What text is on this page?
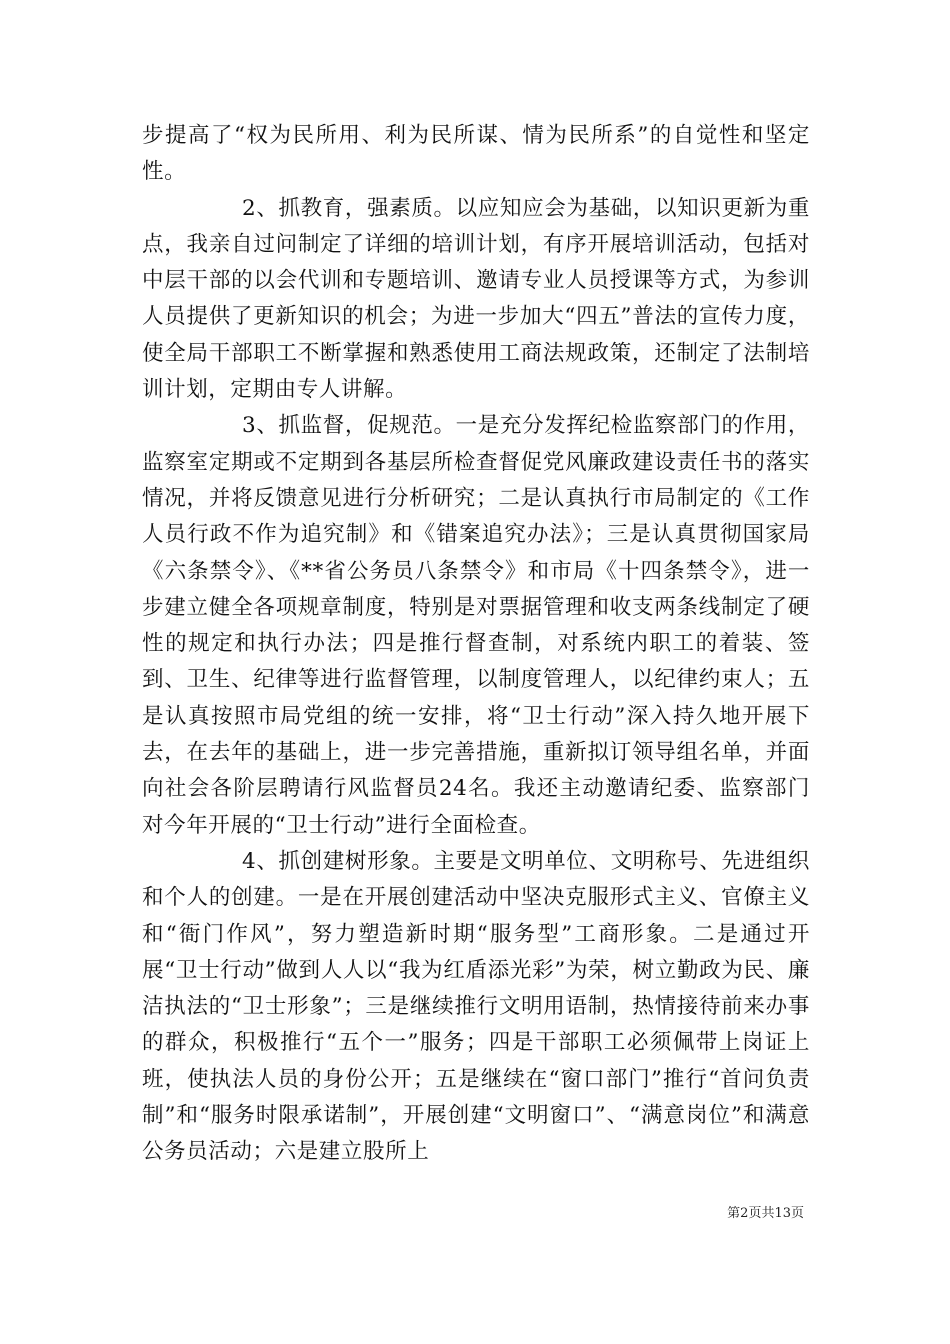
步提高了“权为民所用、利为民所谋、情为民所系”的自觉性和坚定性。

2、抓教育，强素质。以应知应会为基础，以知识更新为重点，我亲自过问制定了详细的培训计划，有序开展培训活动，包括对中层干部的以会代训和专题培训、邀请专业人员授课等方式，为参训人员提供了更新知识的机会；为进一步加大“四五”普法的宣传力度，使全局干部职工不断掌握和熟悉使用工商法规政策，还制定了法制培训计划，定期由专人讲解。

3、抓监督，促规范。一是充分发挥纪检监察部门的作用，监察室定期或不定期到各基层所检查督促党风廉政建设责任书的落实情况，并将反馈意见进行分析研究；二是认真执行市局制定的《工作人员行政不作为追究制》和《错案追究办法》；三是认真贯彻国家局《六条禁令》、《**省公务员八条禁令》和市局《十四条禁令》，进一步建立健全各项规章制度，特别是对票据管理和收支两条线制定了硬性的规定和执行办法；四是推行督查制，对系统内职工的着装、签到、卫生、纪律等进行监督管理，以制度管理人，以纪律约束人；五是认真按照市局党组的统一安排，将“卫士行动”深入持久地开展下去，在去年的基础上，进一步完善措施，重新拟订领导组名单，并面向社会各阶层聘请行风监督员24名。我还主动邀请纪委、监察部门对今年开展的“卫士行动”进行全面检查。

4、抓创建树形象。主要是文明单位、文明称号、先进组织和个人的创建。一是在开展创建活动中坚决克服形式主义、官僚主义和“衙门作风”，努力塑造新时期“服务型”工商形象。二是通过开展“卫士行动”做到人人以“我为红盾添光彩”为荣，树立勤政为民、廉洁执法的“卫士形象”；三是继续推行文明用语制，热情接待前来办事的群众，积极推行“五个一”服务；四是干部职工必须佩带上岗证上班，使执法人员的身份公开；五是继续在“窗口部门”推行“首问负责制”和“服务时限承诺制”，开展创建“文明窗口”、“满意岗位”和满意公务员活动；六是建立股所上

第2页共13页
